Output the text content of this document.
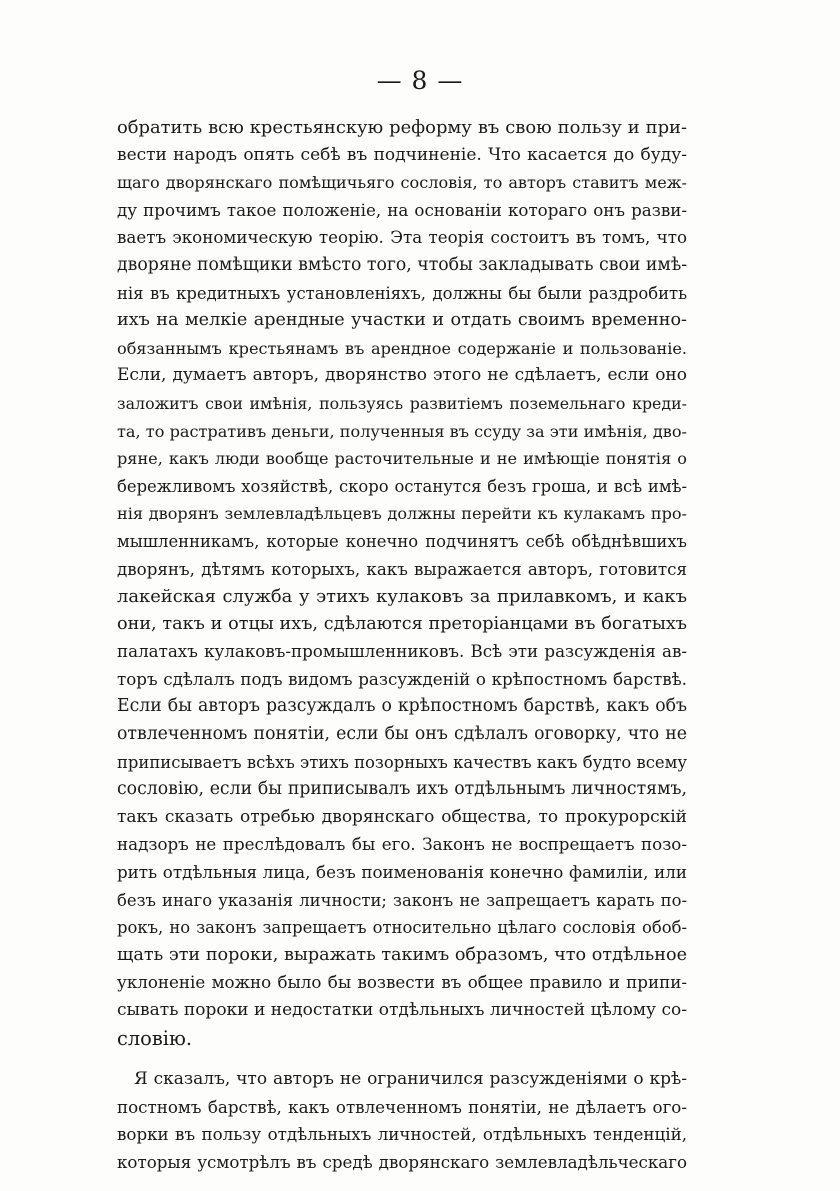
— 8 —
обратить всю крестьянскую реформу въ свою пользу и при-
вести народъ опять себѣ въ подчиненіе. Что касается до буду-
щаго дворянскаго помѣщичьяго сословія, то авторъ ставитъ меж-
ду прочимъ такое положеніе, на основаніи котораго онъ разви-
ваетъ экономическую теорію. Эта теорія состоитъ въ томъ, что
дворяне помѣщики вмѣсто того, чтобы закладывать свои имѣ-
нія въ кредитныхъ установленіяхъ, должны бы были раздробить
ихъ на мелкіе арендные участки и отдать своимъ временно-
обязаннымъ крестьянамъ въ арендное содержаніе и пользованіе.
Если, думаетъ авторъ, дворянство этого не сдѣлаетъ, если оно
заложитъ свои имѣнія, пользуясь развитіемъ поземельнаго креди-
та, то растративъ деньги, полученныя въ ссуду за эти имѣнія, дво-
ряне, какъ люди вообще расточительные и не имѣющіе понятія о
бережливомъ хозяйствѣ, скоро останутся безъ гроша, и всѣ имѣ-
нія дворянъ землевладѣльцевъ должны перейти къ кулакамъ про-
мышленникамъ, которые конечно подчинятъ себѣ обѣднѣвшихъ
дворянъ, дѣтямъ которыхъ, какъ выражается авторъ, готовится
лакейская служба у этихъ кулаковъ за прилавкомъ, и какъ
они, такъ и отцы ихъ, сдѣлаются преторіанцами въ богатыхъ
палатахъ кулаковъ-промышленниковъ. Всѣ эти разсужденія ав-
торъ сдѣлалъ подъ видомъ разсужденій о крѣпостномъ барствѣ.
Если бы авторъ разсуждалъ о крѣпостномъ барствѣ, какъ объ
отвлеченномъ понятіи, если бы онъ сдѣлалъ оговорку, что не
приписываетъ всѣхъ этихъ позорныхъ качествъ какъ будто всему
сословію, если бы приписывалъ ихъ отдѣльнымъ личностямъ,
такъ сказать отребью дворянскаго общества, то прокурорскій
надзоръ не преслѣдовалъ бы его. Законъ не воспрещаетъ позо-
рить отдѣльныя лица, безъ поименованія конечно фамиліи, или
безъ инаго указанія личности; законъ не запрещаетъ карать по-
рокъ, но законъ запрещаетъ относительно цѣлаго сословія обоб-
щать эти пороки, выражать такимъ образомъ, что отдѣльное
уклоненіе можно было бы возвести въ общее правило и припи-
сывать пороки и недостатки отдѣльныхъ личностей цѣлому со-
словію.
Я сказалъ, что авторъ не ограничился разсужденіями о крѣ-
постномъ барствѣ, какъ отвлеченномъ понятіи, не дѣлаетъ ого-
ворки въ пользу отдѣльныхъ личностей, отдѣльныхъ тенденцій,
которыя усмотрѣлъ въ средѣ дворянскаго землевладѣльческаго
